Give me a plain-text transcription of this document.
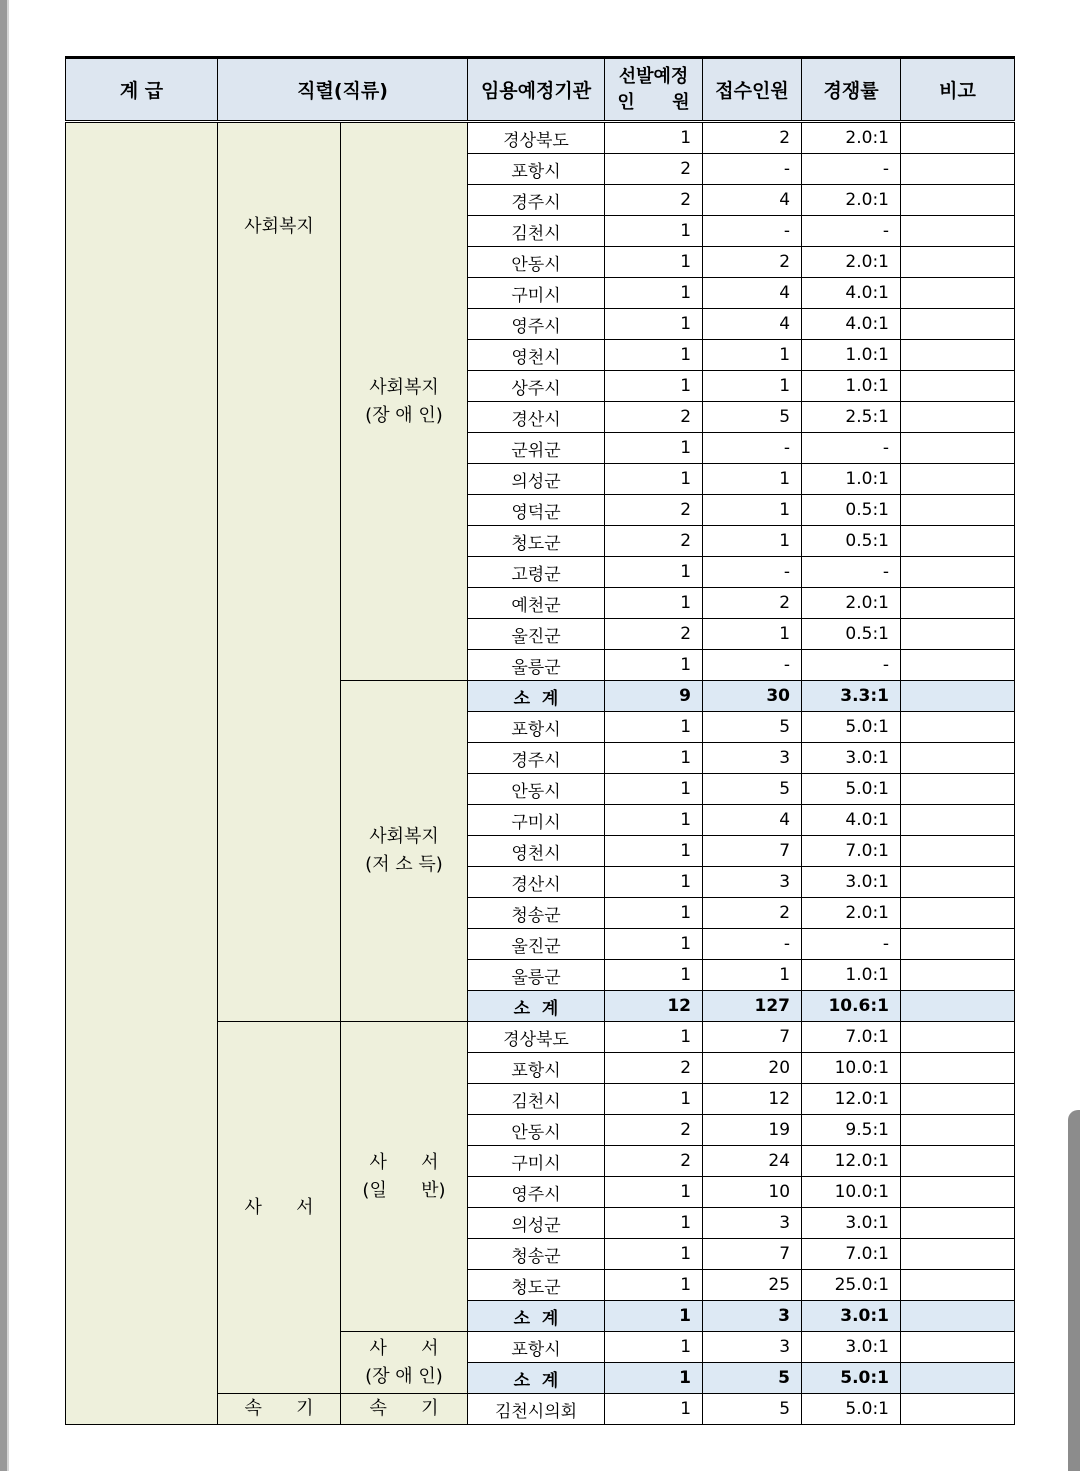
계 급	직렬(직류)		임용예정기관	선발예정
인      원	접수인원	경쟁률	비고
	사회복지	사회복지
(장 애 인)	경상북도	1	2	2.0:1	
			포항시	2	-	-	
			경주시	2	4	2.0:1	
			김천시	1	-	-	
			안동시	1	2	2.0:1	
			구미시	1	4	4.0:1	
			영주시	1	4	4.0:1	
			영천시	1	1	1.0:1	
			상주시	1	1	1.0:1	
			경산시	2	5	2.5:1	
			군위군	1	-	-	
			의성군	1	1	1.0:1	
			영덕군	2	1	0.5:1	
			청도군	2	1	0.5:1	
			고령군	1	-	-	
			예천군	1	2	2.0:1	
			울진군	2	1	0.5:1	
			울릉군	1	-	-	

		사회복지
(저 소 득)	소  계	9	30	3.3:1	
			포항시	1	5	5.0:1	
			경주시	1	3	3.0:1	
			안동시	1	5	5.0:1	
			구미시	1	4	4.0:1	
			영천시	1	7	7.0:1	
			경산시	1	3	3.0:1	
			청송군	1	2	2.0:1	
			울진군	1	-	-	
			울릉군	1	1	1.0:1	
			소  계	12	127	10.6:1	
	사      서	사      서
(일      반)	경상북도	1	7	7.0:1	
			포항시	2	20	10.0:1	
			김천시	1	12	12.0:1	
			안동시	2	19	9.5:1	
			구미시	2	24	12.0:1	
			영주시	1	10	10.0:1	
			의성군	1	3	3.0:1	
			청송군	1	7	7.0:1	
			청도군	1	25	25.0:1	
			소  계	1	3	3.0:1	

		사      서
(장 애 인)	포항시	1	3	3.0:1	
			소  계	1	5	5.0:1	
	속      기	속      기	김천시의회	1	5	5.0:1	
